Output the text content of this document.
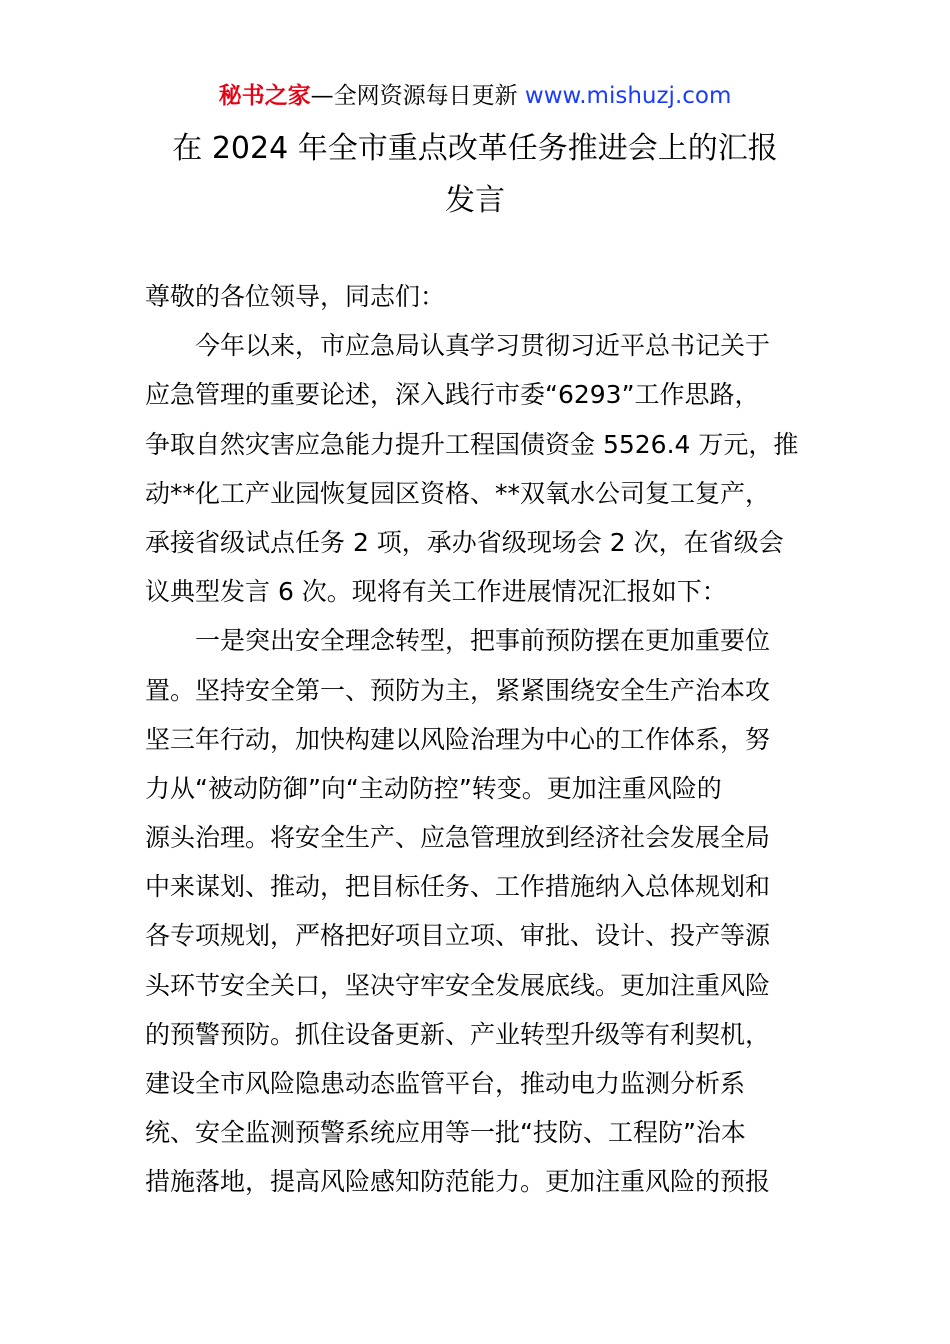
秘书之家—全网资源每日更新 www.mishuzj.com
在 2024 年全市重点改革任务推进会上的汇报
发言
尊敬的各位领导，同志们：
今年以来，市应急局认真学习贯彻习近平总书记关于
应急管理的重要论述，深入践行市委“6293”工作思路，
争取自然灾害应急能力提升工程国债资金 5526.4 万元，推
动**化工产业园恢复园区资格、**双氧水公司复工复产，
承接省级试点任务 2 项，承办省级现场会 2 次，在省级会
议典型发言 6 次。现将有关工作进展情况汇报如下：
一是突出安全理念转型，把事前预防摆在更加重要位
置。坚持安全第一、预防为主，紧紧围绕安全生产治本攻
坚三年行动，加快构建以风险治理为中心的工作体系，努
力从“被动防御”向“主动防控”转变。更加注重风险的
源头治理。将安全生产、应急管理放到经济社会发展全局
中来谋划、推动，把目标任务、工作措施纳入总体规划和
各专项规划，严格把好项目立项、审批、设计、投产等源
头环节安全关口，坚决守牢安全发展底线。更加注重风险
的预警预防。抓住设备更新、产业转型升级等有利契机，
建设全市风险隐患动态监管平台，推动电力监测分析系
统、安全监测预警系统应用等一批“技防、工程防”治本
措施落地，提高风险感知防范能力。更加注重风险的预报
